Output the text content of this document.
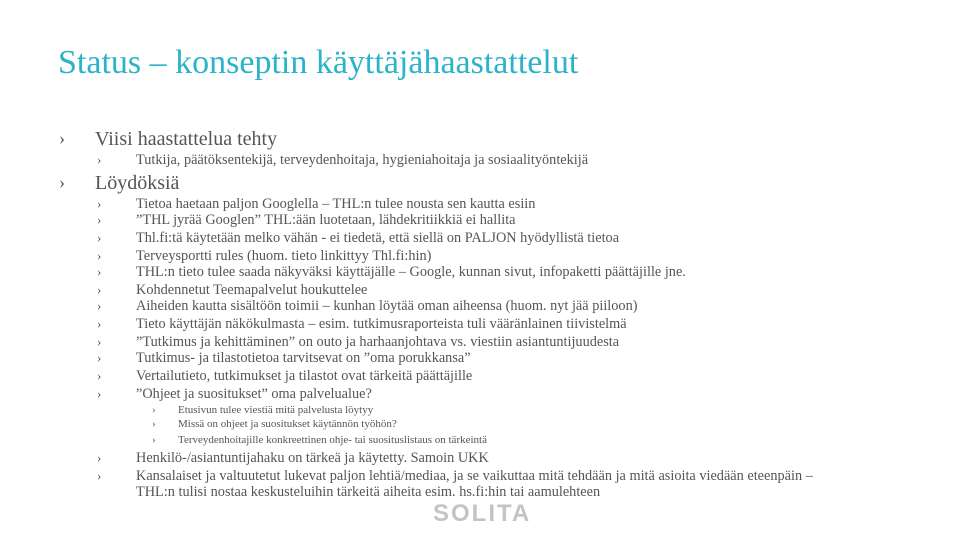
Status – konseptin käyttäjähaastattelut
› Viisi haastattelua tehty
› Tutkija, päätöksentekijä, terveydenhoitaja, hygieniahoitaja ja sosiaalityöntekijä
› Löydöksiä
› Tietoa haetaan paljon Googlella – THL:n tulee nousta sen kautta esiin
› ”THL jyrää Googlen” THL:ään luotetaan, lähdekritiikkiä ei hallita
› Thl.fi:tä käytetään melko vähän - ei tiedetä, että siellä on PALJON hyödyllistä tietoa
› Terveysportti rules (huom. tieto linkittyy Thl.fi:hin)
› THL:n tieto tulee saada näkyväksi käyttäjälle – Google, kunnan sivut, infopaketti päättäjille jne.
› Kohdennetut Teemapalvelut houkuttelee
› Aiheiden kautta sisältöön toimii – kunhan löytää oman aiheensa (huom. nyt jää piiloon)
› Tieto käyttäjän näkökulmasta – esim. tutkimusraporteista tuli vääränlainen tiivistelmä
› ”Tutkimus ja kehittäminen” on outo ja harhaanjohtava vs. viestiin asiantuntijuudesta
› Tutkimus- ja tilastotietoa tarvitsevat on ”oma porukkansa”
› Vertailutieto, tutkimukset ja tilastot ovat tärkeitä päättäjille
› ”Ohjeet ja suositukset” oma palvelualue?
› Etusivun tulee viestiä mitä palvelusta löytyy
› Missä on ohjeet ja suositukset käytännön työhön?
› Terveydenhoitajille konkreettinen ohje- tai suosituslistaus on tärkeintä
› Henkilö-/asiantuntijahaku on tärkeä ja käytetty. Samoin UKK
› Kansalaiset ja valtuutetut lukevat paljon lehtiä/mediaa, ja se vaikuttaa mitä tehdään ja mitä asioita viedään eteenpäin –
THL:n tulisi nostaa keskusteluihin tärkeitä aiheita esim. hs.fi:hin tai aamulehteen
SOLITA
